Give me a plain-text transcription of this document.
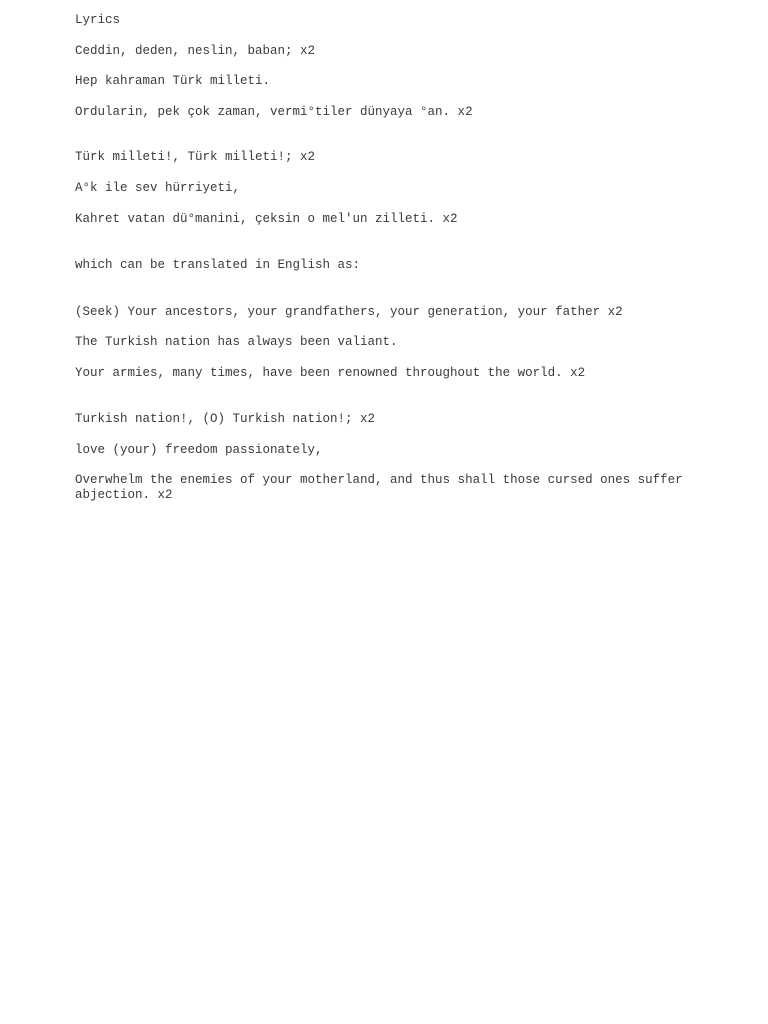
Lyrics
Ceddin, deden, neslin, baban; x2
Hep kahraman Türk milleti.
Ordularin, pek çok zaman, vermi°tiler dünyaya °an. x2
Türk milleti!, Türk milleti!; x2
A°k ile sev hürriyeti,
Kahret vatan dü°manini, çeksin o mel'un zilleti. x2
which can be translated in English as:
(Seek) Your ancestors, your grandfathers, your generation, your father x2
The Turkish nation has always been valiant.
Your armies, many times, have been renowned throughout the world. x2
Turkish nation!, (O) Turkish nation!; x2
love (your) freedom passionately,
Overwhelm the enemies of your motherland, and thus shall those cursed ones suffer abjection. x2
